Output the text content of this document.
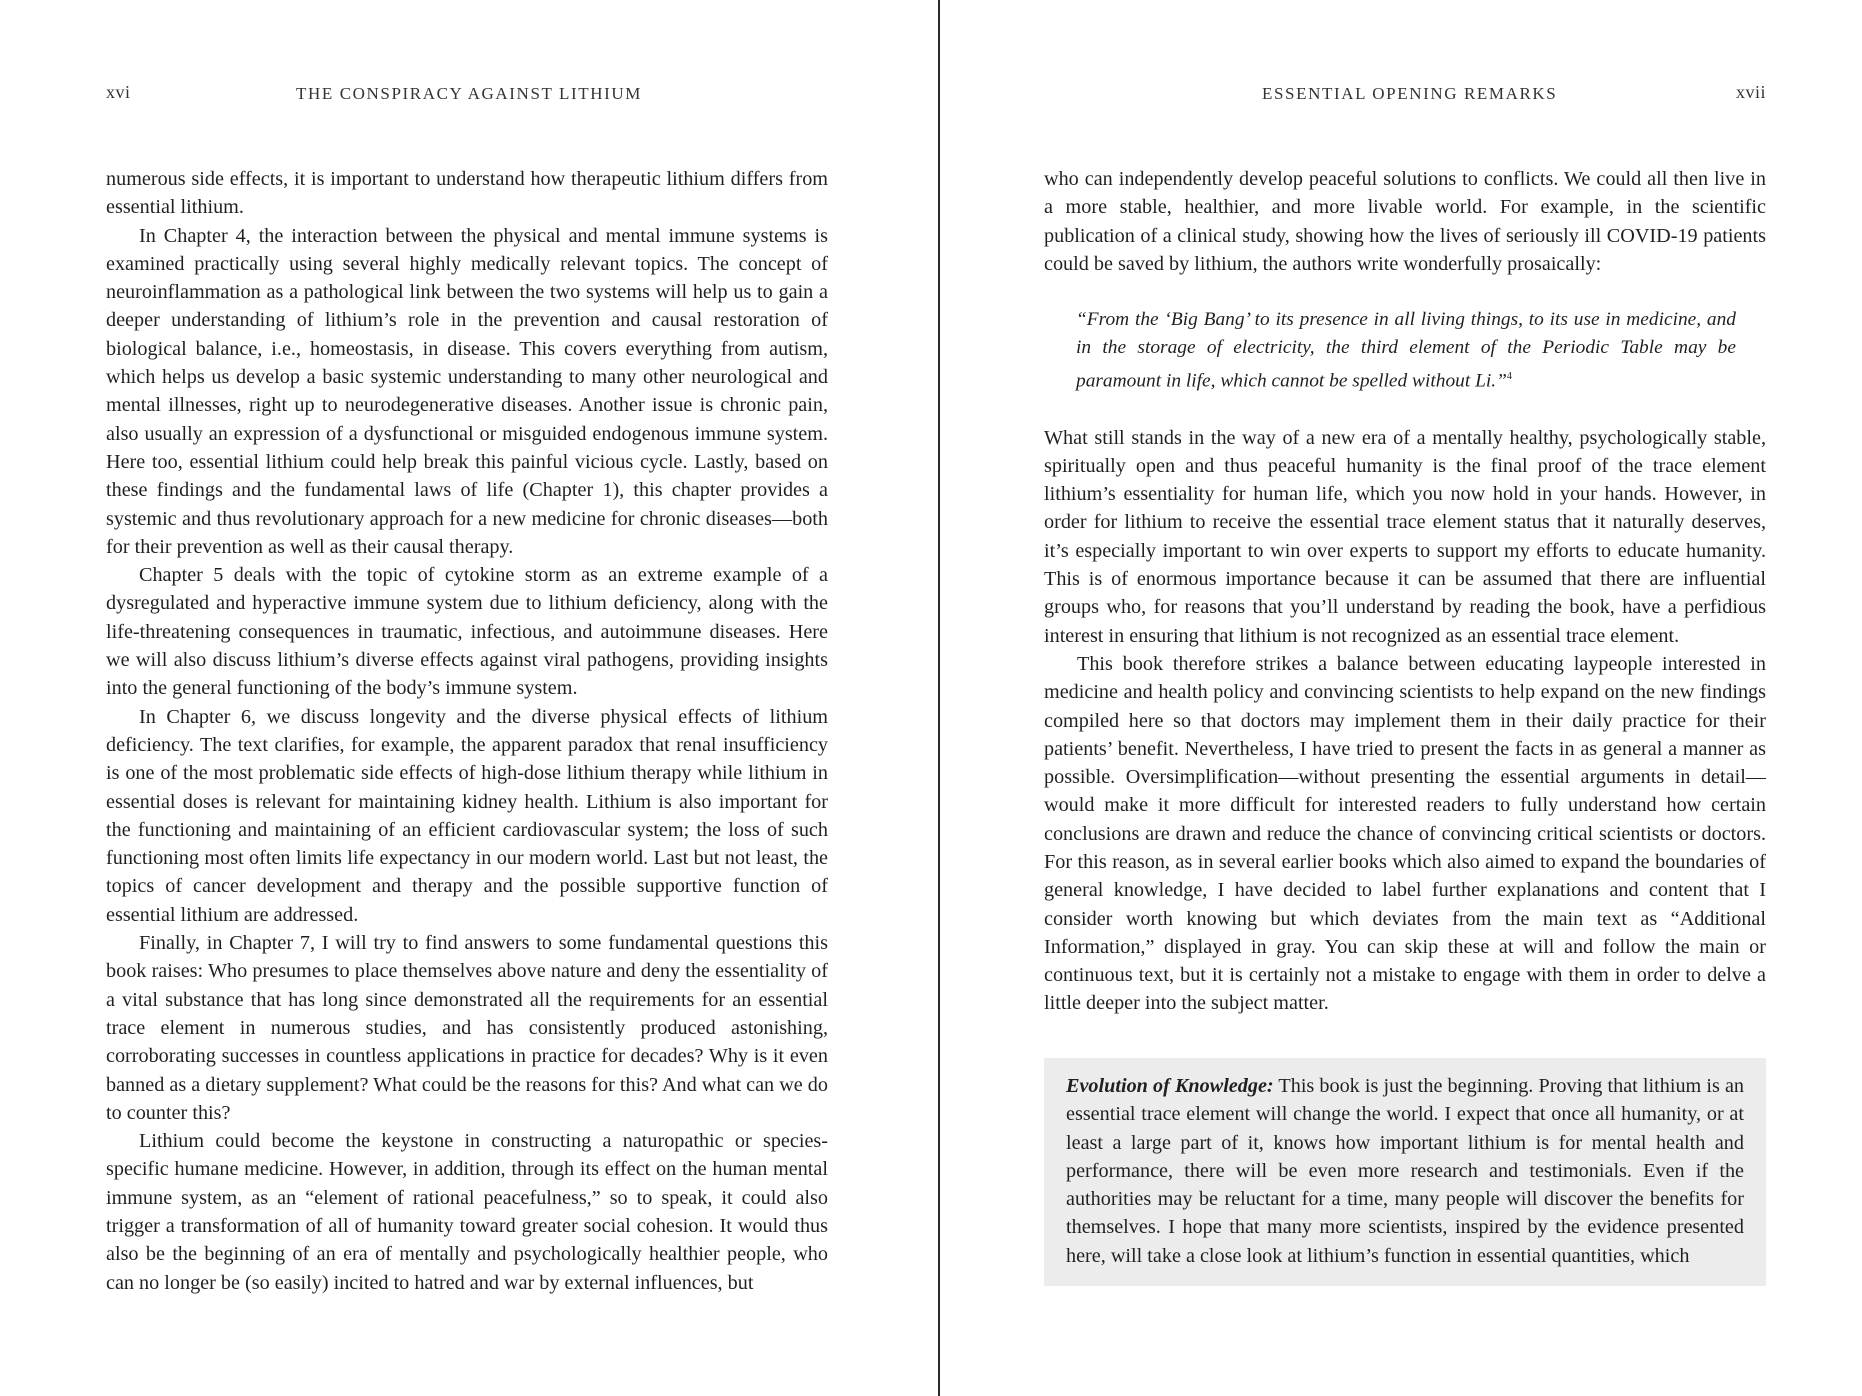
xvi	THE CONSPIRACY AGAINST LITHIUM

numerous side effects, it is important to understand how therapeutic lithium differs from essential lithium.

In Chapter 4, the interaction between the physical and mental immune systems is examined practically using several highly medically relevant topics. The concept of neuroinflammation as a pathological link between the two systems will help us to gain a deeper understanding of lithium’s role in the prevention and causal restoration of biological balance, i.e., homeostasis, in disease. This covers everything from autism, which helps us develop a basic systemic understanding to many other neurological and mental illnesses, right up to neurodegenerative diseases. Another issue is chronic pain, also usually an expression of a dysfunctional or misguided endogenous immune system. Here too, essential lithium could help break this painful vicious cycle. Lastly, based on these findings and the fundamental laws of life (Chapter 1), this chapter provides a systemic and thus revolutionary approach for a new medicine for chronic diseases—both for their prevention as well as their causal therapy.

Chapter 5 deals with the topic of cytokine storm as an extreme example of a dysregulated and hyperactive immune system due to lithium deficiency, along with the life-threatening consequences in traumatic, infectious, and autoimmune diseases. Here we will also discuss lithium’s diverse effects against viral pathogens, providing insights into the general functioning of the body’s immune system.

In Chapter 6, we discuss longevity and the diverse physical effects of lithium deficiency. The text clarifies, for example, the apparent paradox that renal insufficiency is one of the most problematic side effects of high-dose lithium therapy while lithium in essential doses is relevant for maintaining kidney health. Lithium is also important for the functioning and maintaining of an efficient cardiovascular system; the loss of such functioning most often limits life expectancy in our modern world. Last but not least, the topics of cancer development and therapy and the possible supportive function of essential lithium are addressed.

Finally, in Chapter 7, I will try to find answers to some fundamental questions this book raises: Who presumes to place themselves above nature and deny the essentiality of a vital substance that has long since demonstrated all the requirements for an essential trace element in numerous studies, and has consistently produced astonishing, corroborating successes in countless applications in practice for decades? Why is it even banned as a dietary supplement? What could be the reasons for this? And what can we do to counter this?

Lithium could become the keystone in constructing a naturopathic or species-specific humane medicine. However, in addition, through its effect on the human mental immune system, as an “element of rational peacefulness,” so to speak, it could also trigger a transformation of all of humanity toward greater social cohesion. It would thus also be the beginning of an era of mentally and psychologically healthier people, who can no longer be (so easily) incited to hatred and war by external influences, but

ESSENTIAL OPENING REMARKS	xvii

who can independently develop peaceful solutions to conflicts. We could all then live in a more stable, healthier, and more livable world. For example, in the scientific publication of a clinical study, showing how the lives of seriously ill COVID-19 patients could be saved by lithium, the authors write wonderfully prosaically:

“From the ‘Big Bang’ to its presence in all living things, to its use in medicine, and in the storage of electricity, the third element of the Periodic Table may be paramount in life, which cannot be spelled without Li.”$^4$

What still stands in the way of a new era of a mentally healthy, psychologically stable, spiritually open and thus peaceful humanity is the final proof of the trace element lithium’s essentiality for human life, which you now hold in your hands. However, in order for lithium to receive the essential trace element status that it naturally deserves, it’s especially important to win over experts to support my efforts to educate humanity. This is of enormous importance because it can be assumed that there are influential groups who, for reasons that you’ll understand by reading the book, have a perfidious interest in ensuring that lithium is not recognized as an essential trace element.

This book therefore strikes a balance between educating laypeople interested in medicine and health policy and convincing scientists to help expand on the new findings compiled here so that doctors may implement them in their daily practice for their patients’ benefit. Nevertheless, I have tried to present the facts in as general a manner as possible. Oversimplification—without presenting the essential arguments in detail—would make it more difficult for interested readers to fully understand how certain conclusions are drawn and reduce the chance of convincing critical scientists or doctors. For this reason, as in several earlier books which also aimed to expand the boundaries of general knowledge, I have decided to label further explanations and content that I consider worth knowing but which deviates from the main text as “Additional Information,” displayed in gray. You can skip these at will and follow the main or continuous text, but it is certainly not a mistake to engage with them in order to delve a little deeper into the subject matter.

Evolution of Knowledge: This book is just the beginning. Proving that lithium is an essential trace element will change the world. I expect that once all humanity, or at least a large part of it, knows how important lithium is for mental health and performance, there will be even more research and testimonials. Even if the authorities may be reluctant for a time, many people will discover the benefits for themselves. I hope that many more scientists, inspired by the evidence presented here, will take a close look at lithium’s function in essential quantities, which
